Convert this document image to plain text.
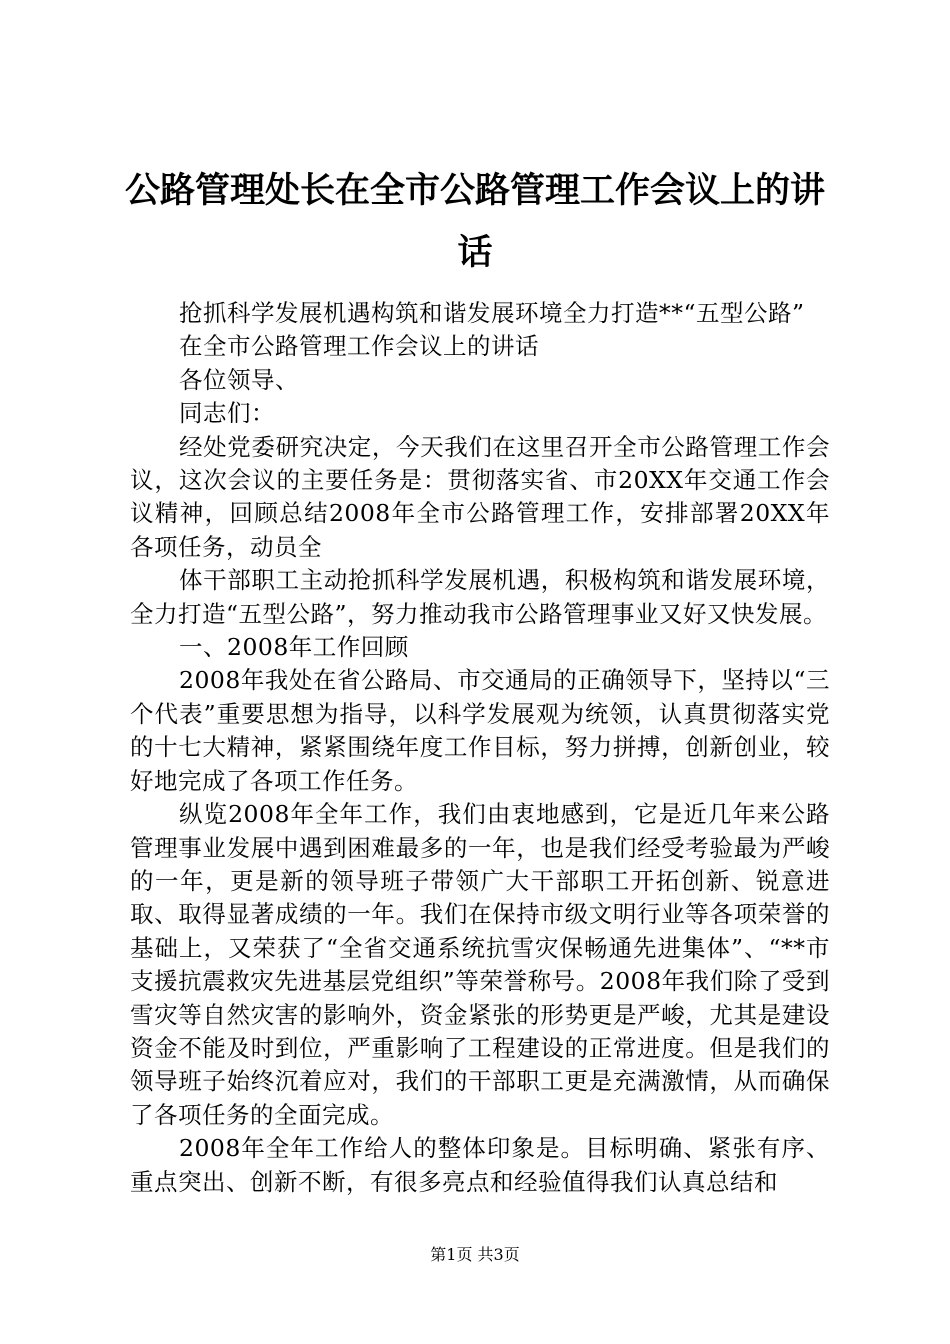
公路管理处长在全市公路管理工作会议上的讲话

抢抓科学发展机遇构筑和谐发展环境全力打造**“五型公路”

在全市公路管理工作会议上的讲话

各位领导、

同志们：

经处党委研究决定，今天我们在这里召开全市公路管理工作会议，这次会议的主要任务是：贯彻落实省、市20XX年交通工作会议精神，回顾总结2008年全市公路管理工作，安排部署20XX年各项任务，动员全

体干部职工主动抢抓科学发展机遇，积极构筑和谐发展环境，全力打造“五型公路”，努力推动我市公路管理事业又好又快发展。

一、2008年工作回顾

2008年我处在省公路局、市交通局的正确领导下，坚持以“三个代表”重要思想为指导，以科学发展观为统领，认真贯彻落实党的十七大精神，紧紧围绕年度工作目标，努力拼搏，创新创业，较好地完成了各项工作任务。

纵览2008年全年工作，我们由衷地感到，它是近几年来公路管理事业发展中遇到困难最多的一年，也是我们经受考验最为严峻的一年，更是新的领导班子带领广大干部职工开拓创新、锐意进取、取得显著成绩的一年。我们在保持市级文明行业等各项荣誉的基础上，又荣获了“全省交通系统抗雪灾保畅通先进集体”、“**市支援抗震救灾先进基层党组织”等荣誉称号。2008年我们除了受到雪灾等自然灾害的影响外，资金紧张的形势更是严峻，尤其是建设资金不能及时到位，严重影响了工程建设的正常进度。但是我们的领导班子始终沉着应对，我们的干部职工更是充满激情，从而确保了各项任务的全面完成。

2008年全年工作给人的整体印象是。目标明确、紧张有序、重点突出、创新不断，有很多亮点和经验值得我们认真总结和

第1页 共3页
